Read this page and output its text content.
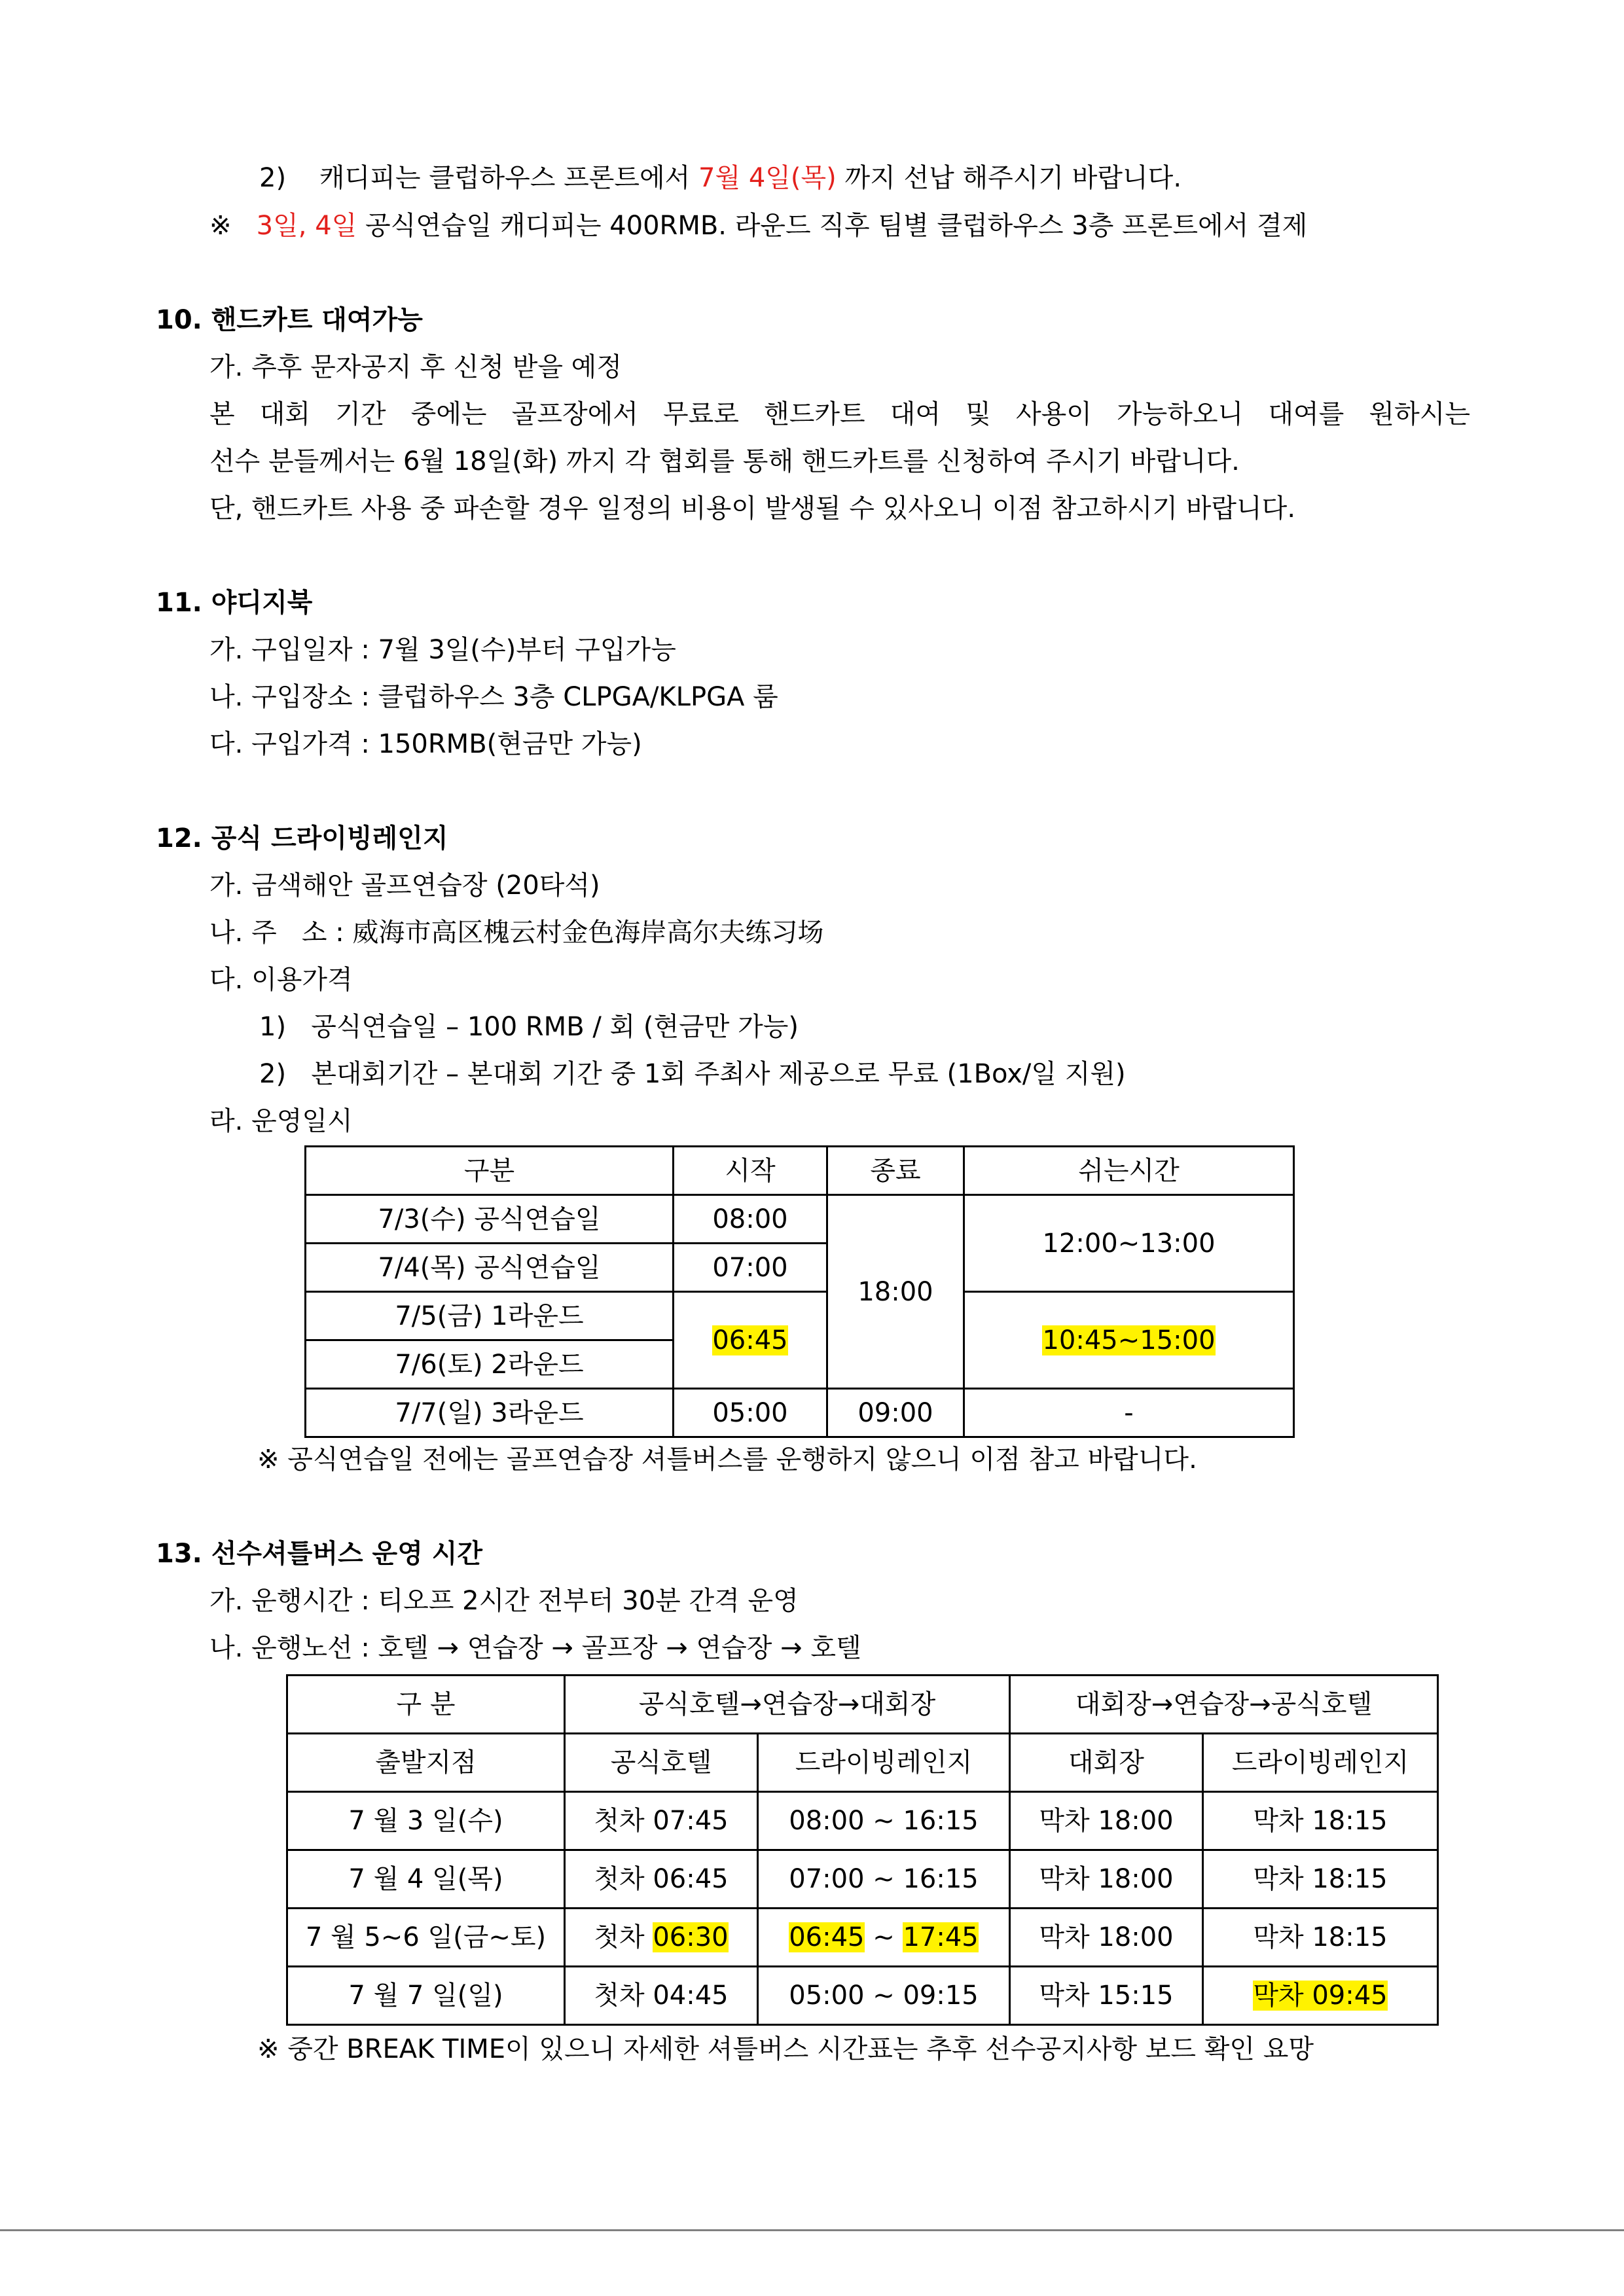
2) 캐디피는 클럽하우스 프론트에서 7월 4일(목) 까지 선납 해주시기 바랍니다.
※ 3일, 4일 공식연습일 캐디피는 400RMB. 라운드 직후 팀별 클럽하우스 3층 프론트에서 결제
10. 핸드카트 대여가능
가. 추후 문자공지 후 신청 받을 예정
본 대회 기간 중에는 골프장에서 무료로 핸드카트 대여 및 사용이 가능하오니 대여를 원하시는
선수 분들께서는 6월 18일(화) 까지 각 협회를 통해 핸드카트를 신청하여 주시기 바랍니다.
단, 핸드카트 사용 중 파손할 경우 일정의 비용이 발생될 수 있사오니 이점 참고하시기 바랍니다.
11. 야디지북
가. 구입일자 : 7월 3일(수)부터 구입가능
나. 구입장소 : 클럽하우스 3층 CLPGA/KLPGA 룸
다. 구입가격 : 150RMB(현금만 가능)
12. 공식 드라이빙레인지
가. 금색해안 골프연습장 (20타석)
나. 주   소 : 威海市高区槐云村金色海岸高尔夫练习场
다. 이용가격
1)   공식연습일 – 100 RMB / 회 (현금만 가능)
2)   본대회기간 – 본대회 기간 중 1회 주최사 제공으로 무료 (1Box/일 지원)
라. 운영일시
구분	시작	종료	쉬는시간
7/3(수) 공식연습일	08:00	18:00	12:00~13:00
7/4(목) 공식연습일	07:00		
7/5(금) 1라운드	06:45		10:45~15:00
7/6(토) 2라운드			
7/7(일) 3라운드	05:00	09:00	-
※ 공식연습일 전에는 골프연습장 셔틀버스를 운행하지 않으니 이점 참고 바랍니다.
13. 선수셔틀버스 운영 시간
가. 운행시간 : 티오프 2시간 전부터 30분 간격 운영
나. 운행노선 : 호텔 → 연습장 → 골프장 → 연습장 → 호텔
구 분	공식호텔→연습장→대회장		대회장→연습장→공식호텔	
출발지점	공식호텔	드라이빙레인지	대회장	드라이빙레인지
7 월 3 일(수)	첫차 07:45	08:00 ~ 16:15	막차 18:00	막차 18:15
7 월 4 일(목)	첫차 06:45	07:00 ~ 16:15	막차 18:00	막차 18:15
7 월 5~6 일(금~토)	첫차 06:30	06:45 ~ 17:45	막차 18:00	막차 18:15
7 월 7 일(일)	첫차 04:45	05:00 ~ 09:15	막차 15:15	막차 09:45
※ 중간 BREAK TIME이 있으니 자세한 셔틀버스 시간표는 추후 선수공지사항 보드 확인 요망
